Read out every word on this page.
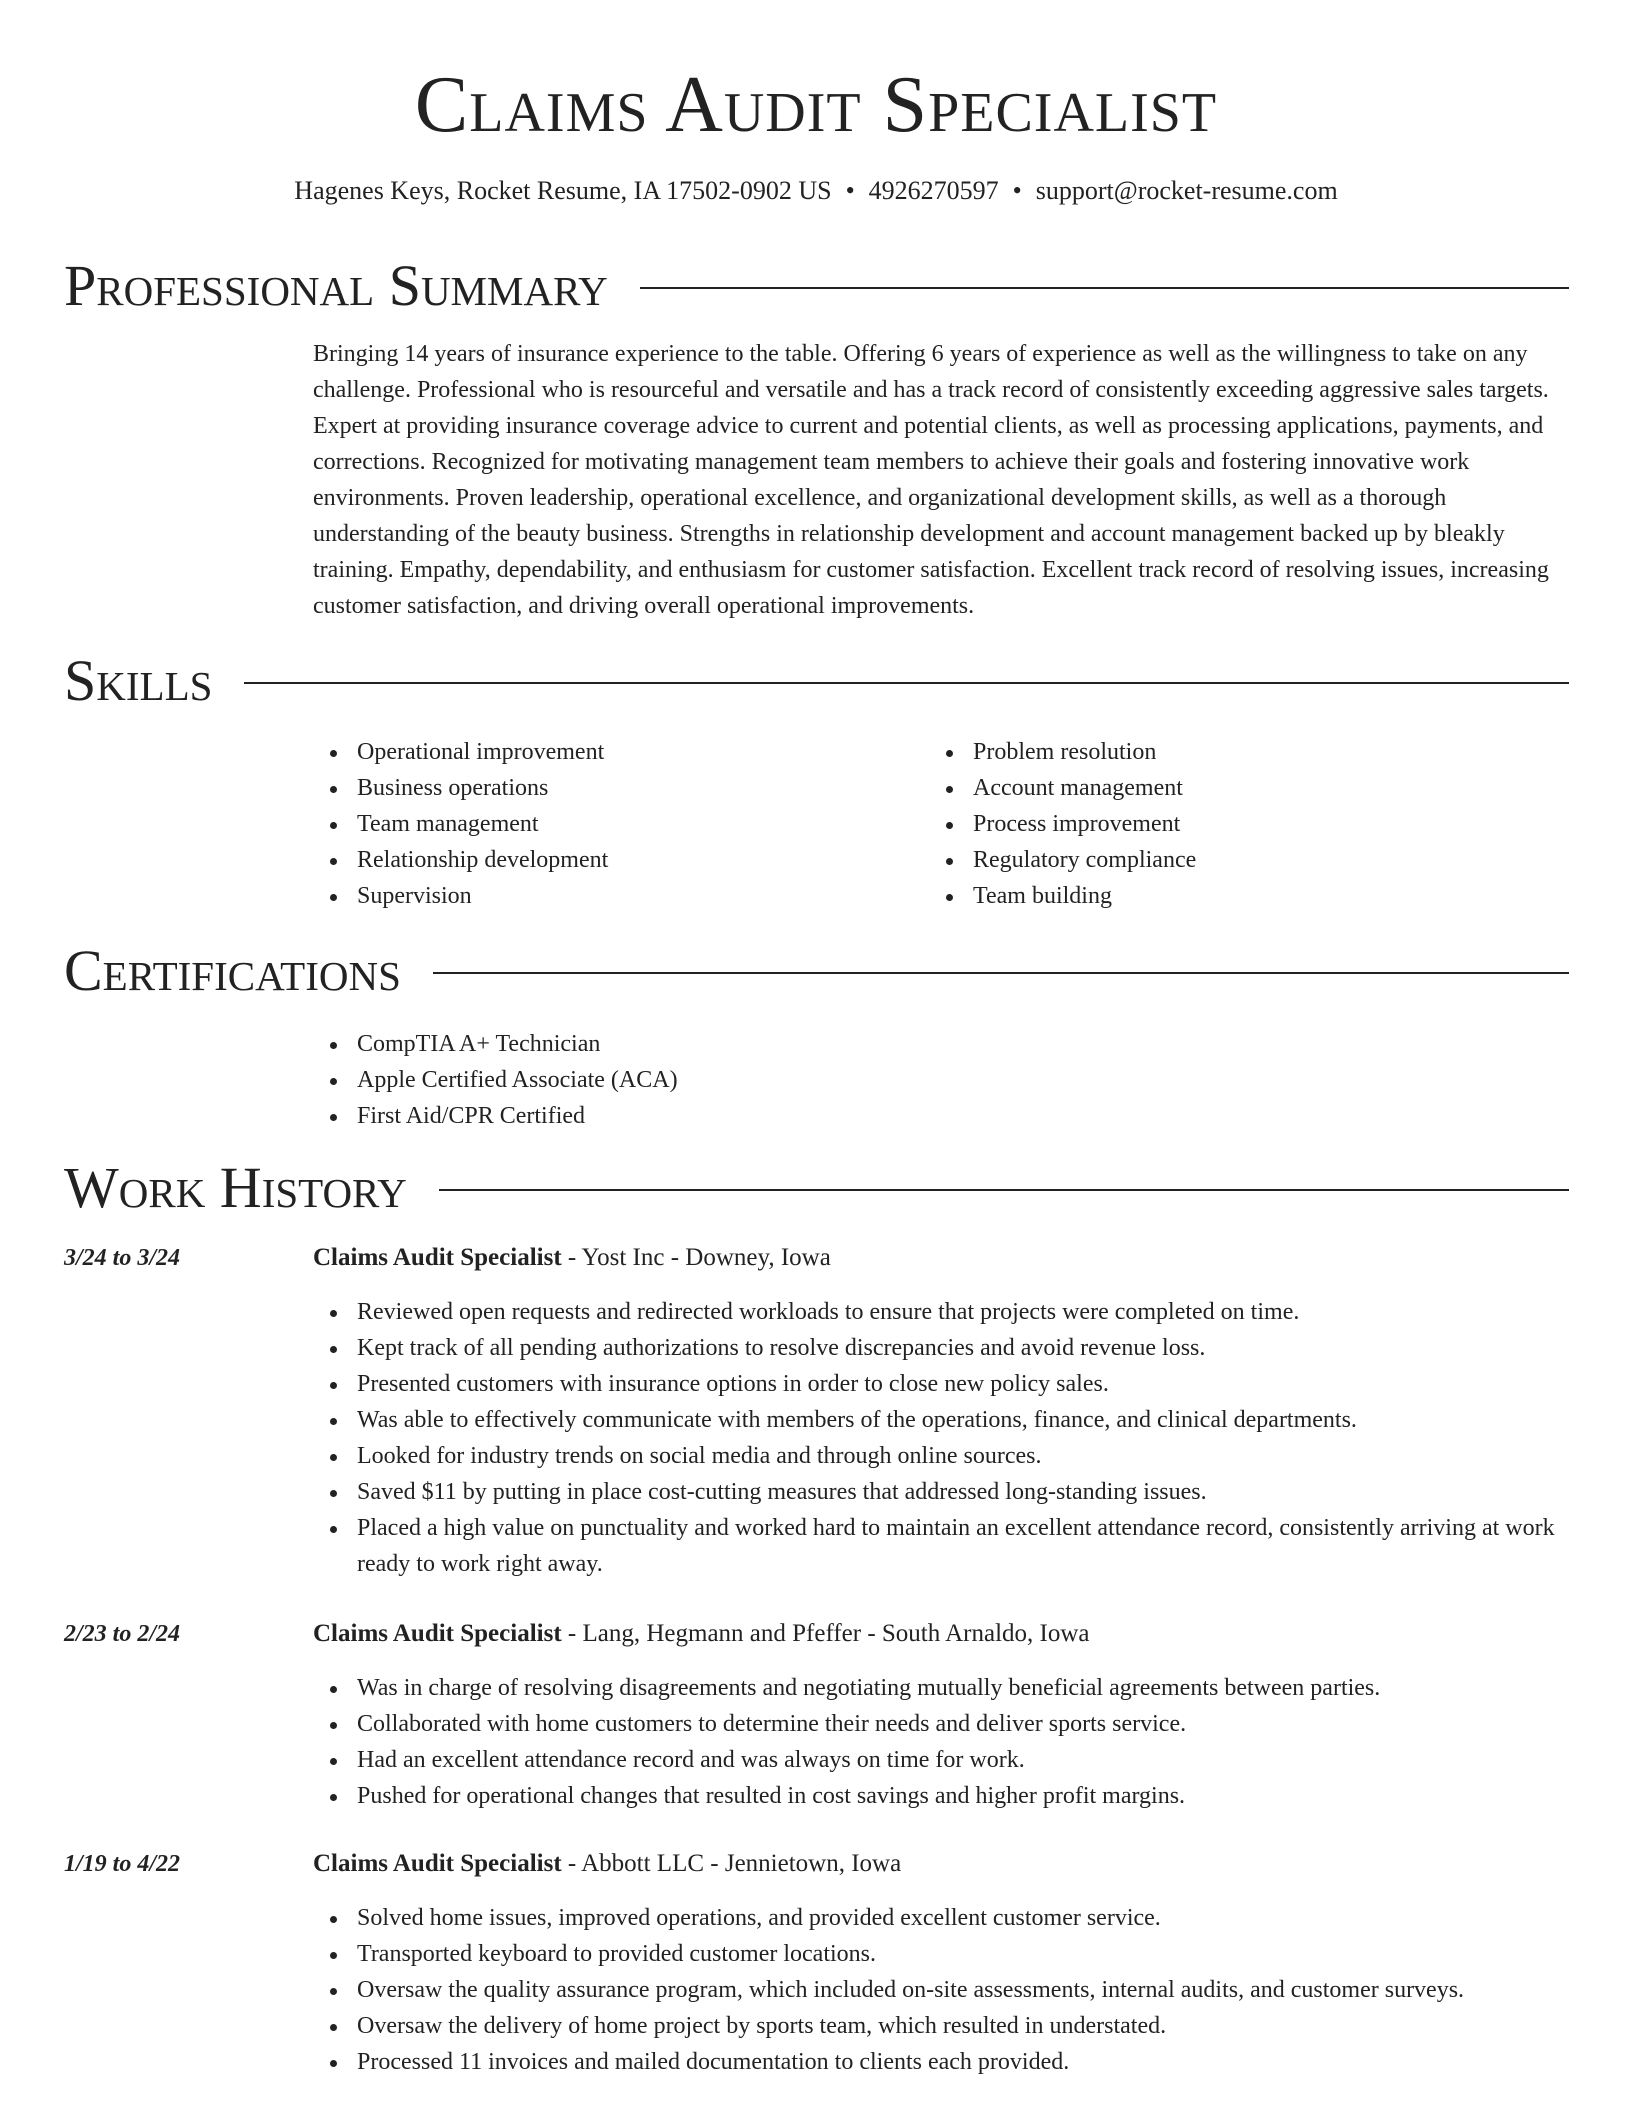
Claims Audit Specialist
Hagenes Keys, Rocket Resume, IA 17502-0902 US • 4926270597 • support@rocket-resume.com
Professional Summary

Bringing 14 years of insurance experience to the table. Offering 6 years of experience as well as the willingness to take on any challenge. Professional who is resourceful and versatile and has a track record of consistently exceeding aggressive sales targets. Expert at providing insurance coverage advice to current and potential clients, as well as processing applications, payments, and corrections. Recognized for motivating management team members to achieve their goals and fostering innovative work environments. Proven leadership, operational excellence, and organizational development skills, as well as a thorough understanding of the beauty business. Strengths in relationship development and account management backed up by bleakly training. Empathy, dependability, and enthusiasm for customer satisfaction. Excellent track record of resolving issues, increasing customer satisfaction, and driving overall operational improvements.

Skills
Operational improvement
Business operations
Team management
Relationship development
Supervision
Problem resolution
Account management
Process improvement
Regulatory compliance
Team building
Certifications
CompTIA A+ Technician
Apple Certified Associate (ACA)
First Aid/CPR Certified
Work History
3/24 to 3/24	Claims Audit Specialist - Yost Inc - Downey, Iowa
Reviewed open requests and redirected workloads to ensure that projects were completed on time.
Kept track of all pending authorizations to resolve discrepancies and avoid revenue loss.
Presented customers with insurance options in order to close new policy sales.
Was able to effectively communicate with members of the operations, finance, and clinical departments.
Looked for industry trends on social media and through online sources.
Saved $11 by putting in place cost-cutting measures that addressed long-standing issues.
Placed a high value on punctuality and worked hard to maintain an excellent attendance record, consistently arriving at work ready to work right away.
2/23 to 2/24	Claims Audit Specialist - Lang, Hegmann and Pfeffer - South Arnaldo, Iowa
Was in charge of resolving disagreements and negotiating mutually beneficial agreements between parties.
Collaborated with home customers to determine their needs and deliver sports service.
Had an excellent attendance record and was always on time for work.
Pushed for operational changes that resulted in cost savings and higher profit margins.
1/19 to 4/22	Claims Audit Specialist - Abbott LLC - Jennietown, Iowa
Solved home issues, improved operations, and provided excellent customer service.
Transported keyboard to provided customer locations.
Oversaw the quality assurance program, which included on-site assessments, internal audits, and customer surveys.
Oversaw the delivery of home project by sports team, which resulted in understated.
Processed 11 invoices and mailed documentation to clients each provided.
